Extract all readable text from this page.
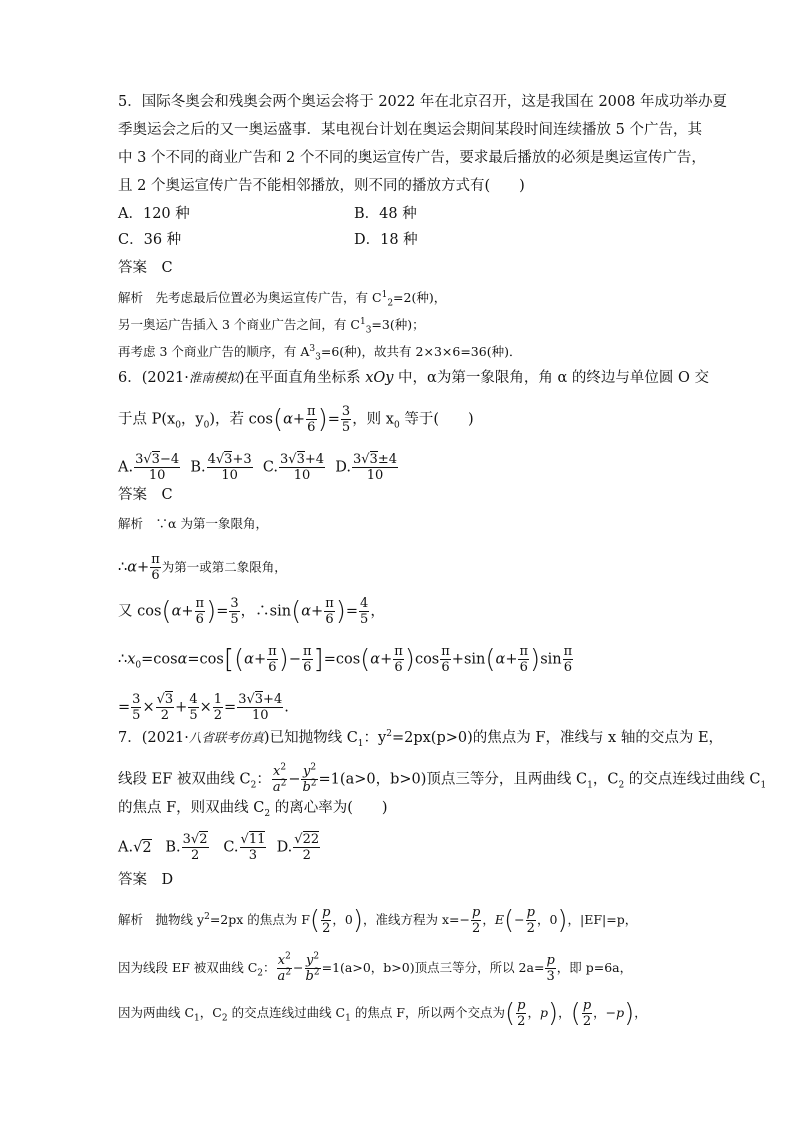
5．国际冬奥会和残奥会两个奥运会将于 2022 年在北京召开，这是我国在 2008 年成功举办夏
季奥运会之后的又一奥运盛事．某电视台计划在奥运会期间某段时间连续播放 5 个广告，其
中 3 个不同的商业广告和 2 个不同的奥运宣传广告，要求最后播放的必须是奥运宣传广告，
且 2 个奥运宣传广告不能相邻播放，则不同的播放方式有(　　)
A．120 种	B．48 种
C．36 种	D．18 种
答案　 C
解析　 先考虑最后位置必为奥运宣传广告，有 $C^1_2=2$(种)，
另一奥运广告插入 3 个商业广告之间，有 $C^1_3=3$(种)；
再考虑 3 个商业广告的顺序，有 $A^3_3=6$(种)，故共有 2×3×6=36(种)．
6．(2021·淮南模拟)在平面直角坐标系 xOy 中，α为第一象限角，角 α 的终边与单位圆 O 交
于点 $P(x_0$，$y_0$)，若 $\cos(\alpha+ \frac{\pi}{6}$ )= $\frac{3}{5}$ ，则 $x_0$ 等于(　　)
A. $\frac{3√3-4}{10} B$. $\frac{4√3+3}{10} C$. $\frac{3√3+4}{10} D$. $\frac{3√3\pm 4}{10}$
答案　 C
解析　 ∵α 为第一象限角，
∴α+ $\frac{\pi}{6}$ 为第一或第二象限角，
又 $\cos(\alpha+ \frac{\pi}{6}$ )= $\frac{3}{5}$ ，∴sin(α+ $\frac{\pi}{6}$ )= $\frac{4}{5}$ ，
$\therefore x_0=\cos\alpha=\cos[(\alpha+ \frac{\pi}{6}$ )− $\frac{\pi}{6} ]=\cos(\alpha+ \frac{\pi}{6} )\cos \frac{\pi}{6} +\sin(\alpha+ \frac{\pi}{6} )\sin \frac{\pi}{6}$
= $\frac{3}{5} \times \frac{√3}{2} + \frac{4}{5} \times \frac{1}{2} = \frac{3√3+4}{10}$ .
7．(2021·八省联考仿真)已知抛物线 $C_1$：$y^2=2px(p>0)$的焦点为 F，准线与 x 轴的交点为 E，
线段 EF 被双曲线 $C_2$： $\frac{x^2}{a^2} - \frac{y^2}{b^2} =1(a>0$，b>0)顶点三等分，且两曲线 $C_1$，$C_2$ 的交点连线过曲线 $C_1$
的焦点 F，则双曲线 $C_2$ 的离心率为(　　)
A.√2   B. $\frac{3√2}{2} C$. $\frac{√11}{3} D$. $\frac{√22}{2}$
答案　 D
解析　 抛物线 $y^2=2px$ 的焦点为 $F( \frac{p}{2}$ ，0)，准线方程为 $x=- \frac{p}{2}$ ，$E(- \frac{p}{2}$ ，0)，|EF|=p，
因为线段 EF 被双曲线 $C_2$： $\frac{x^2}{a^2} - \frac{y^2}{b^2} =1(a>0$，b>0)顶点三等分，所以 $2a= \frac{p}{3}$ ，即 p=6a，
因为两曲线 $C_1$，$C_2$ 的交点连线过曲线 $C_1$ 的焦点 F，所以两个交点为( $\frac{p}{2}$ ，p)，( $\frac{p}{2}$ ，−p)，
